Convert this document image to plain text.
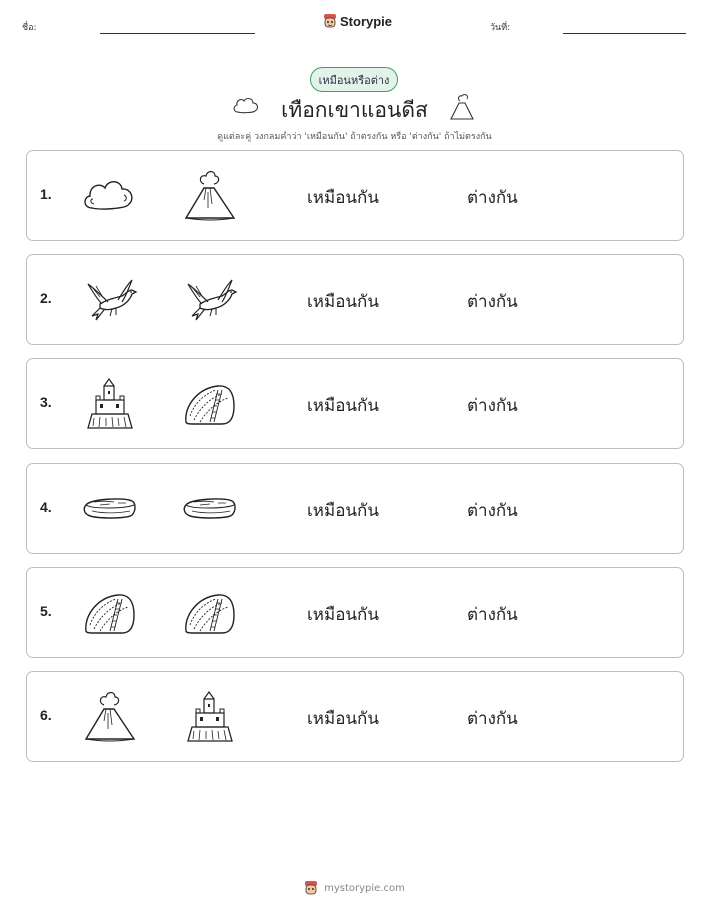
ชื่อ:	Storypie	วันที่:
เหมือนหรือต่าง
เทือกเขาแอนดีส
ดูแต่ละคู่ วงกลมคำว่า 'เหมือนกัน' ถ้าตรงกัน หรือ 'ต่างกัน' ถ้าไม่ตรงกัน
1.	เหมือนกัน	ต่างกัน
2.	เหมือนกัน	ต่างกัน
3.	เหมือนกัน	ต่างกัน
4.	เหมือนกัน	ต่างกัน
5.	เหมือนกัน	ต่างกัน
6.	เหมือนกัน	ต่างกัน
mystorypie.com
